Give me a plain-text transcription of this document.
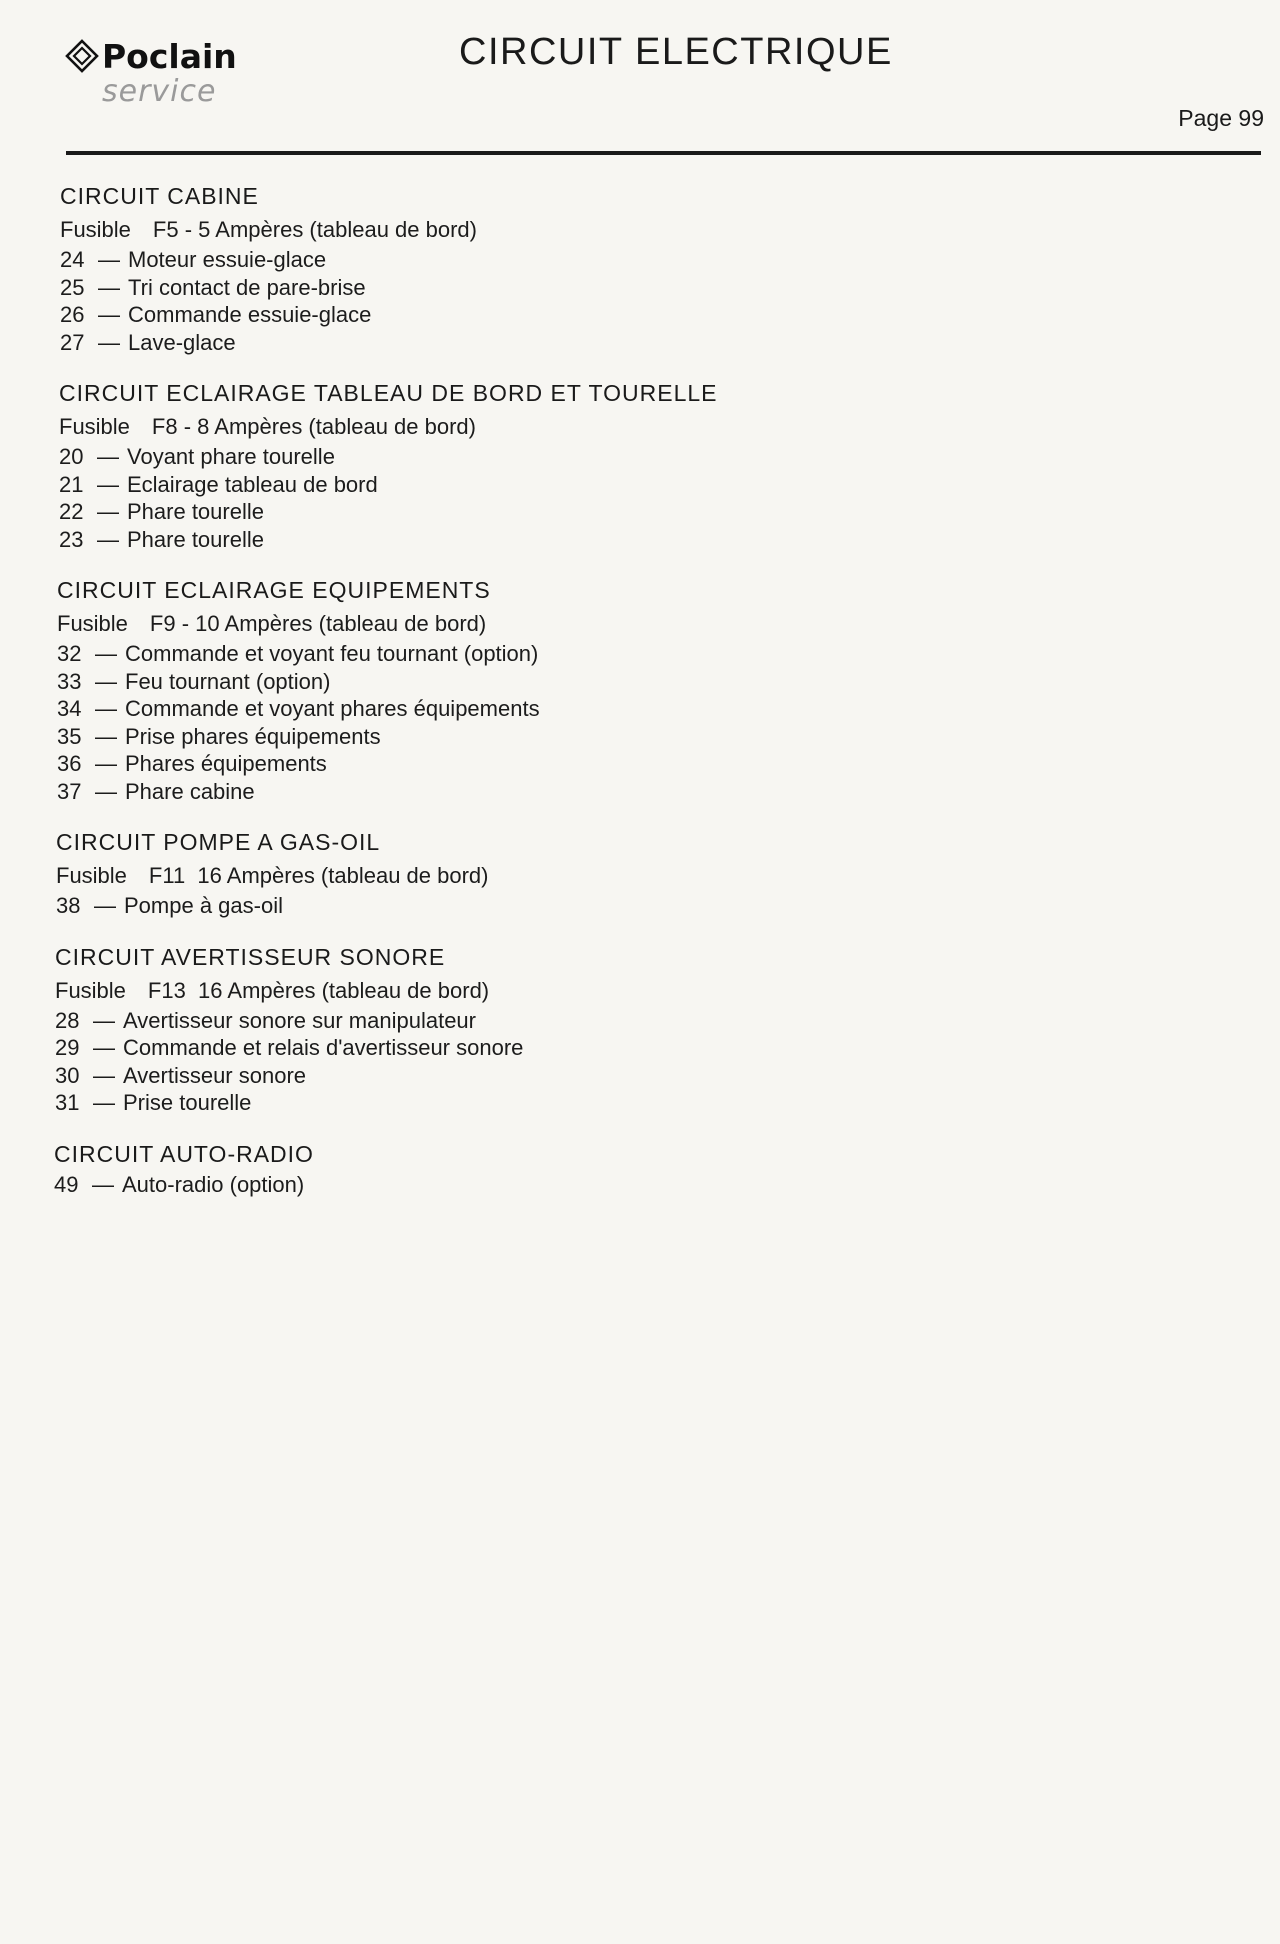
Poclain
service
CIRCUIT ELECTRIQUE
Page 99
CIRCUIT CABINE
Fusible F5 - 5 Ampères (tableau de bord)
24 — Moteur essuie-glace
25 — Tri contact de pare-brise
26 — Commande essuie-glace
27 — Lave-glace
CIRCUIT ECLAIRAGE TABLEAU DE BORD ET TOURELLE
Fusible F8 - 8 Ampères (tableau de bord)
20 — Voyant phare tourelle
21 — Eclairage tableau de bord
22 — Phare tourelle
23 — Phare tourelle
CIRCUIT ECLAIRAGE EQUIPEMENTS
Fusible F9 - 10 Ampères (tableau de bord)
32 — Commande et voyant feu tournant (option)
33 — Feu tournant (option)
34 — Commande et voyant phares équipements
35 — Prise phares équipements
36 — Phares équipements
37 — Phare cabine
CIRCUIT POMPE A GAS-OIL
Fusible F11  16 Ampères (tableau de bord)
38 — Pompe à gas-oil
CIRCUIT AVERTISSEUR SONORE
Fusible F13  16 Ampères (tableau de bord)
28 — Avertisseur sonore sur manipulateur
29 — Commande et relais d'avertisseur sonore
30 — Avertisseur sonore
31 — Prise tourelle
CIRCUIT AUTO-RADIO
49 — Auto-radio (option)
